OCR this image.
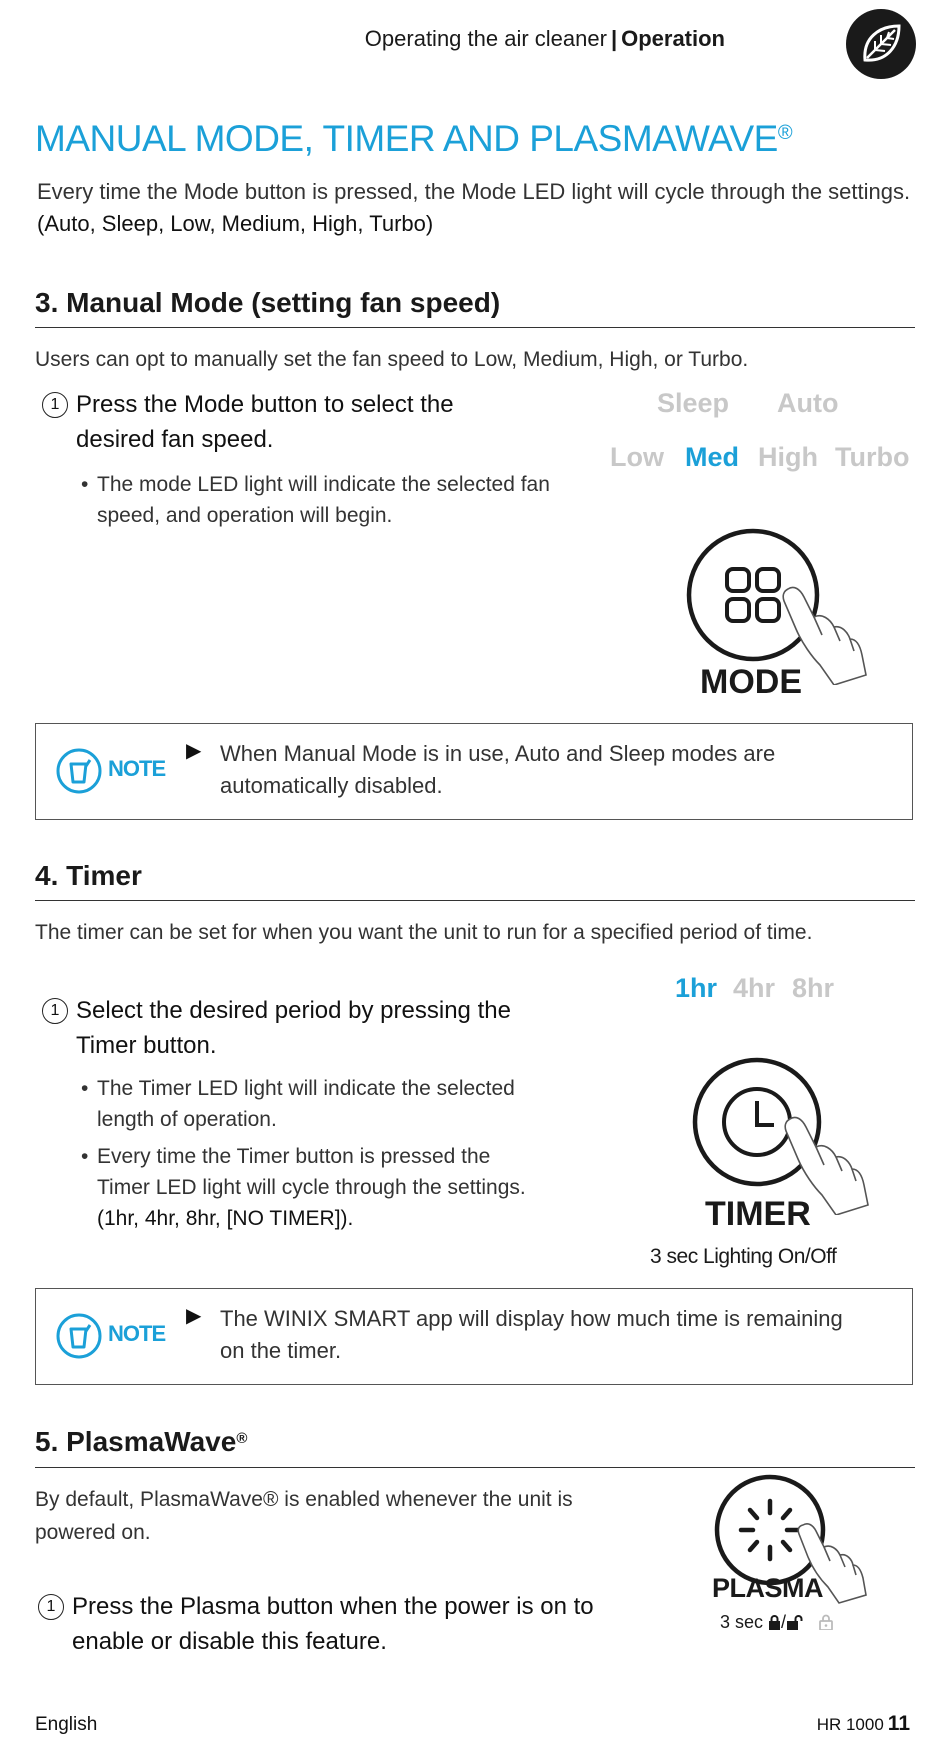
Operating the air cleaner | Operation
MANUAL MODE, TIMER AND PLASMAWAVE®
Every time the Mode button is pressed, the Mode LED light will cycle through the settings. (Auto, Sleep, Low, Medium, High, Turbo)
3. Manual Mode (setting fan speed)
Users can opt to manually set the fan speed to Low, Medium, High, or Turbo.
1 Press the Mode button to select the desired fan speed.
• The mode LED light will indicate the selected fan speed, and operation will begin.
Sleep Auto
Low Med High Turbo
MODE
NOTE
▶ When Manual Mode is in use, Auto and Sleep modes are automatically disabled.
4. Timer
The timer can be set for when you want the unit to run for a specified period of time.
1 Select the desired period by pressing the Timer button.
• The Timer LED light will indicate the selected length of operation.
• Every time the Timer button is pressed the Timer LED light will cycle through the settings. (1hr, 4hr, 8hr, [NO TIMER]).
1hr 4hr 8hr
TIMER
3 sec Lighting On/Off
NOTE
▶ The WINIX SMART app will display how much time is remaining on the timer.
5. PlasmaWave®
By default, PlasmaWave® is enabled whenever the unit is powered on.
1 Press the Plasma button when the power is on to enable or disable this feature.
PLASMA
3 sec /
English	HR 1000 11
